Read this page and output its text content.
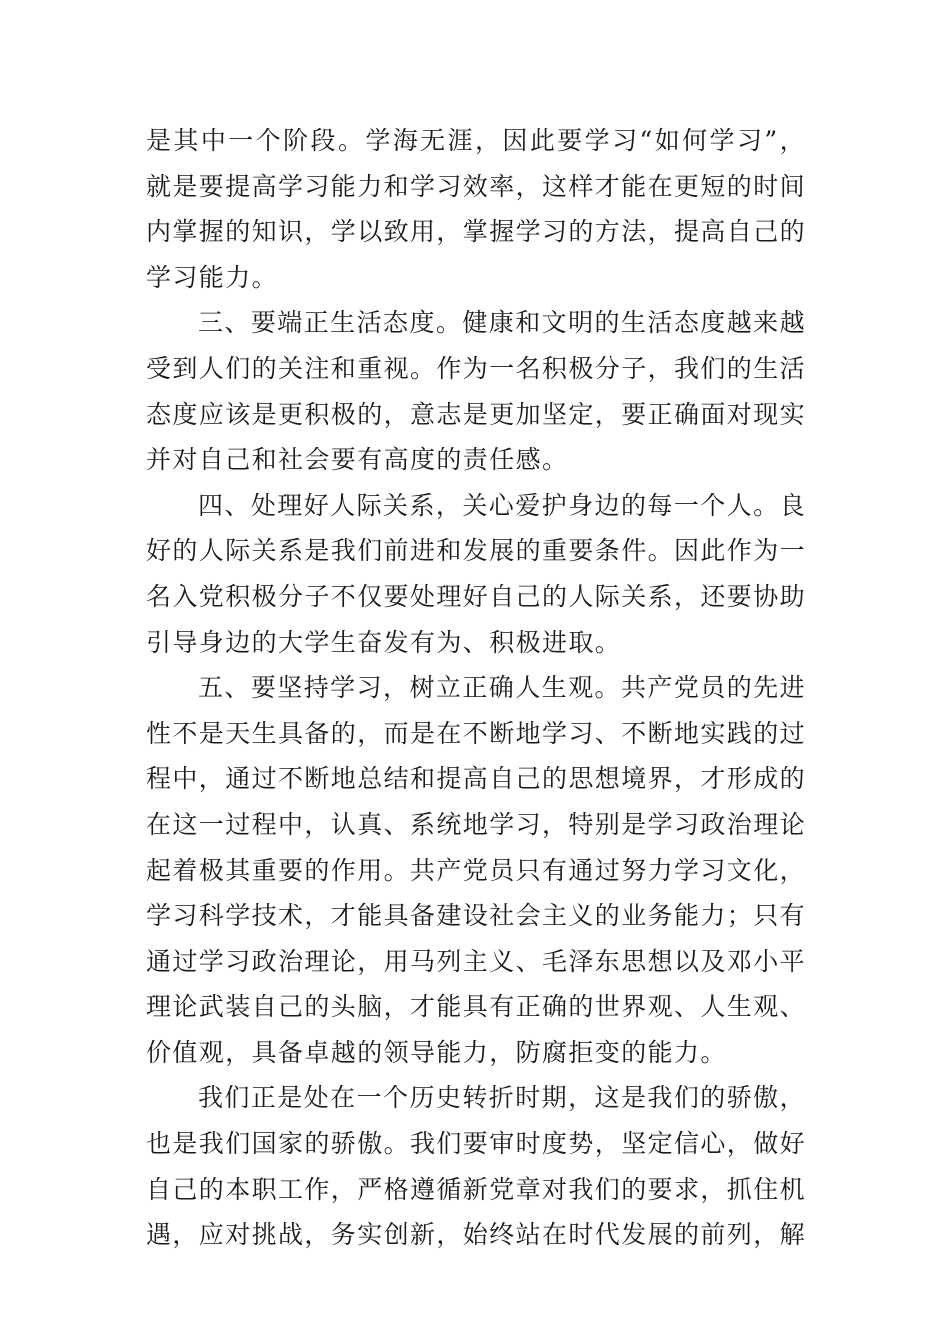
是其中一个阶段。学海无涯，因此要学习“如何学习”，就是要提高学习能力和学习效率，这样才能在更短的时间内掌握的知识，学以致用，掌握学习的方法，提高自己的学习能力。

三、要端正生活态度。健康和文明的生活态度越来越受到人们的关注和重视。作为一名积极分子，我们的生活态度应该是更积极的，意志是更加坚定，要正确面对现实并对自己和社会要有高度的责任感。

四、处理好人际关系，关心爱护身边的每一个人。良好的人际关系是我们前进和发展的重要条件。因此作为一名入党积极分子不仅要处理好自己的人际关系，还要协助引导身边的大学生奋发有为、积极进取。

五、要坚持学习，树立正确人生观。共产党员的先进性不是天生具备的，而是在不断地学习、不断地实践的过程中，通过不断地总结和提高自己的思想境界，才形成的在这一过程中，认真、系统地学习，特别是学习政治理论起着极其重要的作用。共产党员只有通过努力学习文化，学习科学技术，才能具备建设社会主义的业务能力；只有通过学习政治理论，用马列主义、毛泽东思想以及邓小平理论武装自己的头脑，才能具有正确的世界观、人生观、价值观，具备卓越的领导能力，防腐拒变的能力。

我们正是处在一个历史转折时期，这是我们的骄傲，也是我们国家的骄傲。我们要审时度势，坚定信心，做好自己的本职工作，严格遵循新党章对我们的要求，抓住机遇，应对挑战，务实创新，始终站在时代发展的前列，解
